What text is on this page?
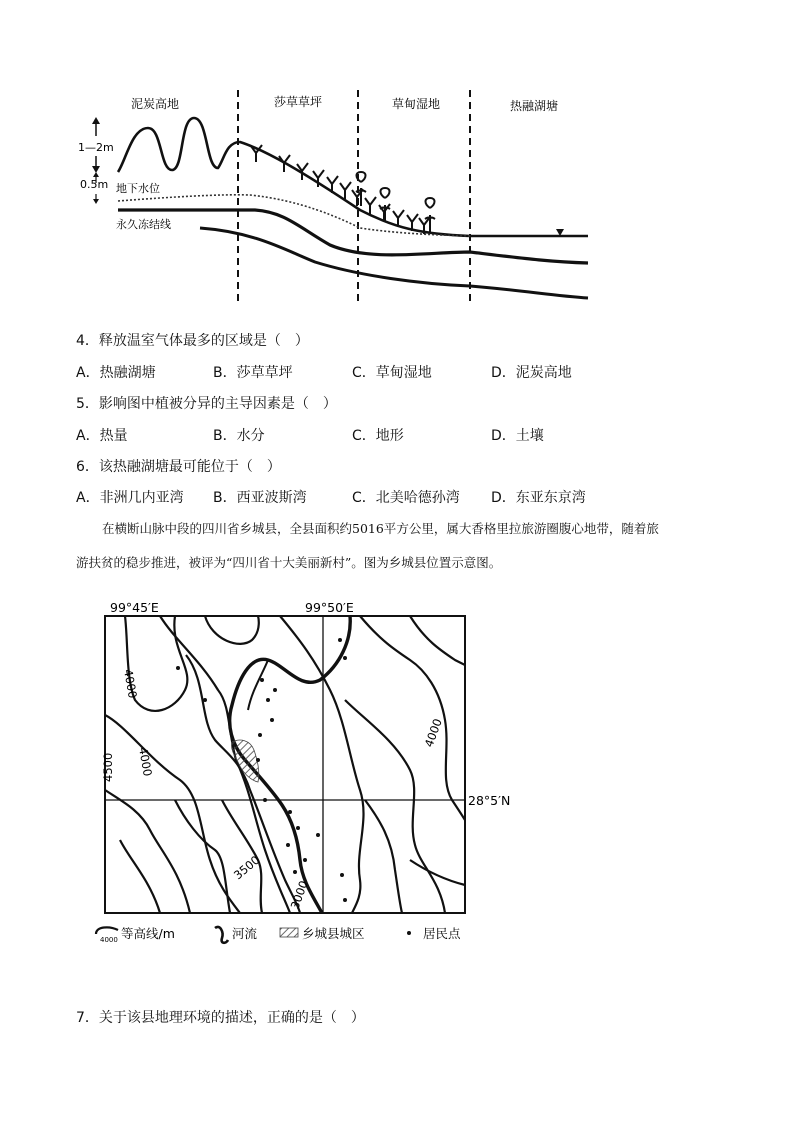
泥炭高地	莎草草坪	草甸湿地	热融湖塘
1—2m
0.5m 地下水位
永久冻结线
4．释放温室气体最多的区域是（　）
A．热融湖塘	B．莎草草坪	C．草甸湿地	D．泥炭高地
5．影响图中植被分异的主导因素是（　）
A．热量	B．水分	C．地形	D．土壤
6．该热融湖塘最可能位于（　）
A．非洲几内亚湾 B．西亚波斯湾	C．北美哈德孙湾 D．东亚东京湾
在横断山脉中段的四川省乡城县，全县面积约5016平方公里，属大香格里拉旅游圈腹心地带，随着旅
游扶贫的稳步推进，被评为“四川省十大美丽新村”。图为乡城县位置示意图。
99°45′E	99°50′E
28°5′N
4000
4500 4000
4000
3500
3000
4000 等高线/m	河流	乡城县城区	居民点
7．关于该县地理环境的描述，正确的是（　）
